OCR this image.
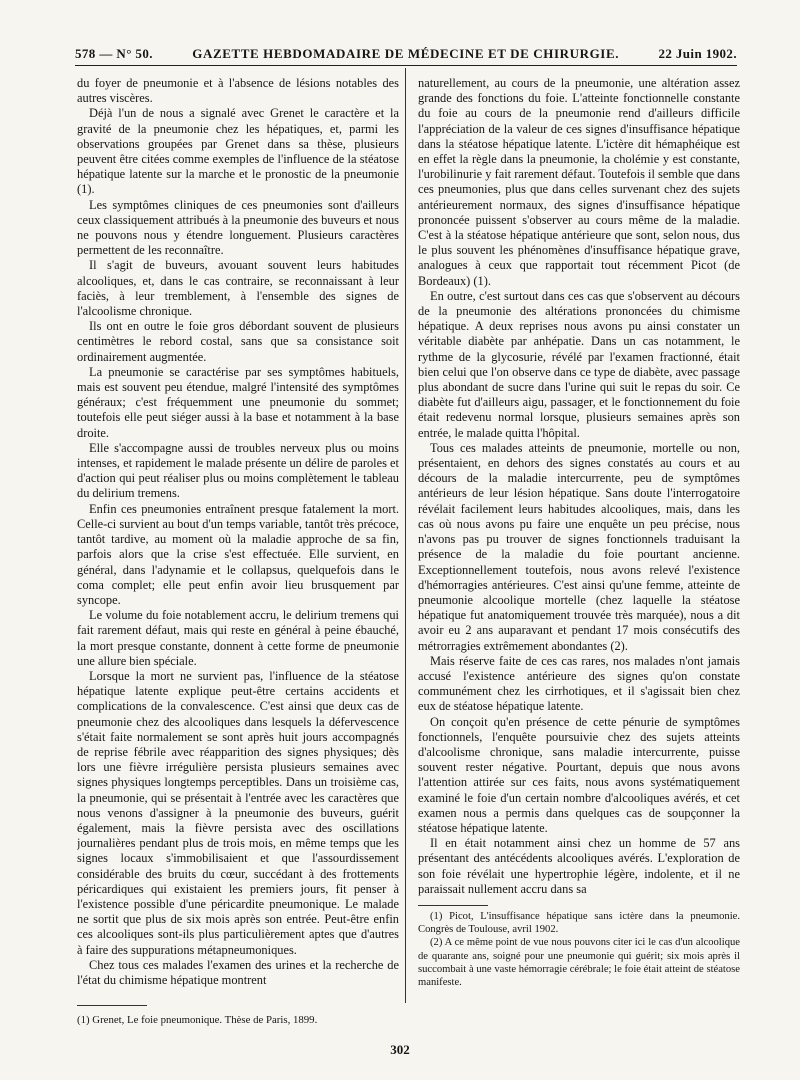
578 — N° 50.	GAZETTE HEBDOMADAIRE DE MÉDECINE ET DE CHIRURGIE.	22 Juin 1902.

du foyer de pneumonie et à l'absence de lésions notables des autres viscères.

Déjà l'un de nous a signalé avec Grenet le caractère et la gravité de la pneumonie chez les hépatiques, et, parmi les observations groupées par Grenet dans sa thèse, plusieurs peuvent être citées comme exemples de l'influence de la stéatose hépatique latente sur la marche et le pronostic de la pneumonie (1).

Les symptômes cliniques de ces pneumonies sont d'ailleurs ceux classiquement attribués à la pneumonie des buveurs et nous ne pouvons nous y étendre longuement. Plusieurs caractères permettent de les reconnaître.

Il s'agit de buveurs, avouant souvent leurs habitudes alcooliques, et, dans le cas contraire, se reconnaissant à leur faciès, à leur tremblement, à l'ensemble des signes de l'alcoolisme chronique.

Ils ont en outre le foie gros débordant souvent de plusieurs centimètres le rebord costal, sans que sa consistance soit ordinairement augmentée.

La pneumonie se caractérise par ses symptômes habituels, mais est souvent peu étendue, malgré l'intensité des symptômes généraux; c'est fréquemment une pneumonie du sommet; toutefois elle peut siéger aussi à la base et notamment à la base droite.

Elle s'accompagne aussi de troubles nerveux plus ou moins intenses, et rapidement le malade présente un délire de paroles et d'action qui peut réaliser plus ou moins complètement le tableau du delirium tremens.

Enfin ces pneumonies entraînent presque fatalement la mort. Celle-ci survient au bout d'un temps variable, tantôt très précoce, tantôt tardive, au moment où la maladie approche de sa fin, parfois alors que la crise s'est effectuée. Elle survient, en général, dans l'adynamie et le collapsus, quelquefois dans le coma complet; elle peut enfin avoir lieu brusquement par syncope.

Le volume du foie notablement accru, le delirium tremens qui fait rarement défaut, mais qui reste en général à peine ébauché, la mort presque constante, donnent à cette forme de pneumonie une allure bien spéciale.

Lorsque la mort ne survient pas, l'influence de la stéatose hépatique latente explique peut-être certains accidents et complications de la convalescence. C'est ainsi que deux cas de pneumonie chez des alcooliques dans lesquels la défervescence s'était faite normalement se sont après huit jours accompagnés de reprise fébrile avec réapparition des signes physiques; dès lors une fièvre irrégulière persista plusieurs semaines avec signes physiques longtemps perceptibles. Dans un troisième cas, la pneumonie, qui se présentait à l'entrée avec les caractères que nous venons d'assigner à la pneumonie des buveurs, guérit également, mais la fièvre persista avec des oscillations journalières pendant plus de trois mois, en même temps que les signes locaux s'immobilisaient et que l'assourdissement considérable des bruits du cœur, succédant à des frottements péricardiques qui existaient les premiers jours, fit penser à l'existence possible d'une péricardite pneumonique. Le malade ne sortit que plus de six mois après son entrée. Peut-être enfin ces alcooliques sont-ils plus particulièrement aptes que d'autres à faire des suppurations métapneumoniques.

Chez tous ces malades l'examen des urines et la recherche de l'état du chimisme hépatique montrent

naturellement, au cours de la pneumonie, une altération assez grande des fonctions du foie. L'atteinte fonctionnelle constante du foie au cours de la pneumonie rend d'ailleurs difficile l'appréciation de la valeur de ces signes d'insuffisance hépatique dans la stéatose hépatique latente. L'ictère dit hémaphéique est en effet la règle dans la pneumonie, la cholémie y est constante, l'urobilinurie y fait rarement défaut. Toutefois il semble que dans ces pneumonies, plus que dans celles survenant chez des sujets antérieurement normaux, des signes d'insuffisance hépatique prononcée puissent s'observer au cours même de la maladie. C'est à la stéatose hépatique antérieure que sont, selon nous, dus le plus souvent les phénomènes d'insuffisance hépatique grave, analogues à ceux que rapportait tout récemment Picot (de Bordeaux) (1).

En outre, c'est surtout dans ces cas que s'observent au décours de la pneumonie des altérations prononcées du chimisme hépatique. A deux reprises nous avons pu ainsi constater un véritable diabète par anhépatie. Dans un cas notamment, le rythme de la glycosurie, révélé par l'examen fractionné, était bien celui que l'on observe dans ce type de diabète, avec passage plus abondant de sucre dans l'urine qui suit le repas du soir. Ce diabète fut d'ailleurs aigu, passager, et le fonctionnement du foie était redevenu normal lorsque, plusieurs semaines après son entrée, le malade quitta l'hôpital.

Tous ces malades atteints de pneumonie, mortelle ou non, présentaient, en dehors des signes constatés au cours et au décours de la maladie intercurrente, peu de symptômes antérieurs de leur lésion hépatique. Sans doute l'interrogatoire révélait facilement leurs habitudes alcooliques, mais, dans les cas où nous avons pu faire une enquête un peu précise, nous n'avons pas pu trouver de signes fonctionnels traduisant la présence de la maladie du foie pourtant ancienne. Exceptionnellement toutefois, nous avons relevé l'existence d'hémorragies antérieures. C'est ainsi qu'une femme, atteinte de pneumonie alcoolique mortelle (chez laquelle la stéatose hépatique fut anatomiquement trouvée très marquée), nous a dit avoir eu 2 ans auparavant et pendant 17 mois consécutifs des métrorragies extrêmement abondantes (2).

Mais réserve faite de ces cas rares, nos malades n'ont jamais accusé l'existence antérieure des signes qu'on constate communément chez les cirrhotiques, et il s'agissait bien chez eux de stéatose hépatique latente.

On conçoit qu'en présence de cette pénurie de symptômes fonctionnels, l'enquête poursuivie chez des sujets atteints d'alcoolisme chronique, sans maladie intercurrente, puisse souvent rester négative. Pourtant, depuis que nous avons l'attention attirée sur ces faits, nous avons systématiquement examiné le foie d'un certain nombre d'alcooliques avérés, et cet examen nous a permis dans quelques cas de soupçonner la stéatose hépatique latente.

Il en était notamment ainsi chez un homme de 57 ans présentant des antécédents alcooliques avérés. L'exploration de son foie révélait une hypertrophie légère, indolente, et il ne paraissait nullement accru dans sa

(1) Picot, L'insuffisance hépatique sans ictère dans la pneumonie. Congrès de Toulouse, avril 1902.

(2) A ce même point de vue nous pouvons citer ici le cas d'un alcoolique de quarante ans, soigné pour une pneumonie qui guérit; six mois après il succombait à une vaste hémorragie cérébrale; le foie était atteint de stéatose manifeste.

(1) Grenet, Le foie pneumonique. Thèse de Paris, 1899.
302
